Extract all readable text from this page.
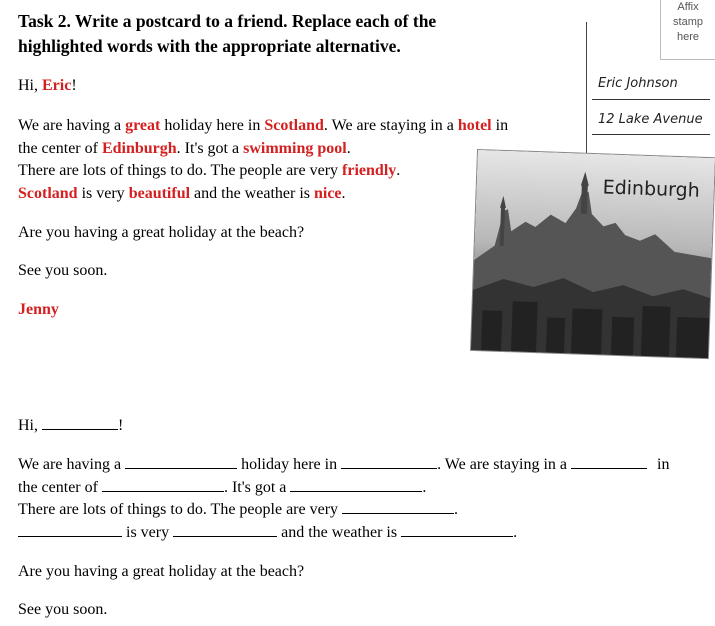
Task 2. Write a postcard to a friend. Replace each of the
highlighted words with the appropriate alternative.
Affix
stamp
here
Eric Johnson
12 Lake Avenue
Edinburgh
Hi, Eric!
We are having a great holiday here in Scotland. We are staying in a hotel in
the center of Edinburgh. It's got a swimming pool.
There are lots of things to do. The people are very friendly.
Scotland is very beautiful and the weather is nice.
Are you having a great holiday at the beach?
See you soon.
Jenny
Hi,	!
We are having a	holiday here in	. We are staying in a	in
the center of	. It's got a	.
There are lots of things to do. The people are very	.
is very	and the weather is	.
Are you having a great holiday at the beach?
See you soon.
